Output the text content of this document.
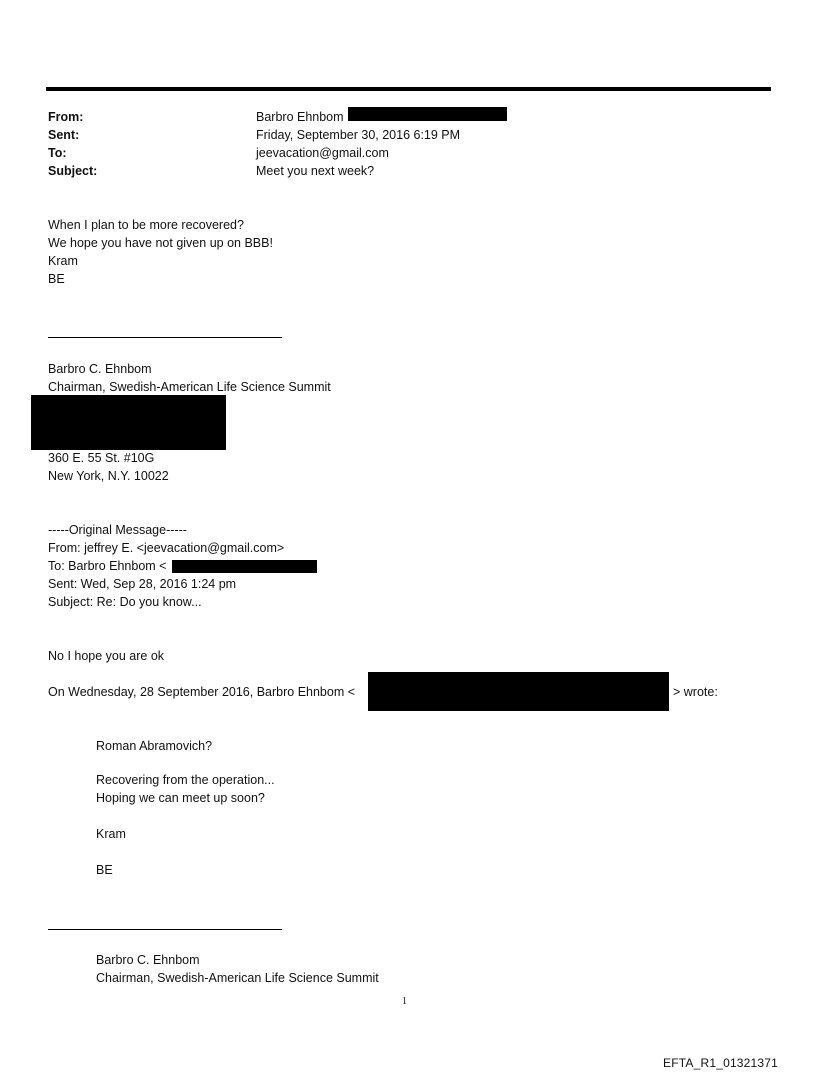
From:	Barbro Ehnbom
Sent:	Friday, September 30, 2016 6:19 PM
To:	jeevacation@gmail.com
Subject:	Meet you next week?
When I plan to be more recovered?
We hope you have not given up on BBB!
Kram
BE
Barbro C. Ehnbom
Chairman, Swedish-American Life Science Summit
360 E. 55 St. #10G
New York, N.Y. 10022
-----Original Message-----
From: jeffrey E. <jeevacation@gmail.com>
To: Barbro Ehnbom <
Sent: Wed, Sep 28, 2016 1:24 pm
Subject: Re: Do you know...
No I hope you are ok
On Wednesday, 28 September 2016, Barbro Ehnbom <	> wrote:
Roman Abramovich?
Recovering from the operation...
Hoping we can meet up soon?
Kram
BE
Barbro C. Ehnbom
Chairman, Swedish-American Life Science Summit
1
EFTA_R1_01321371
